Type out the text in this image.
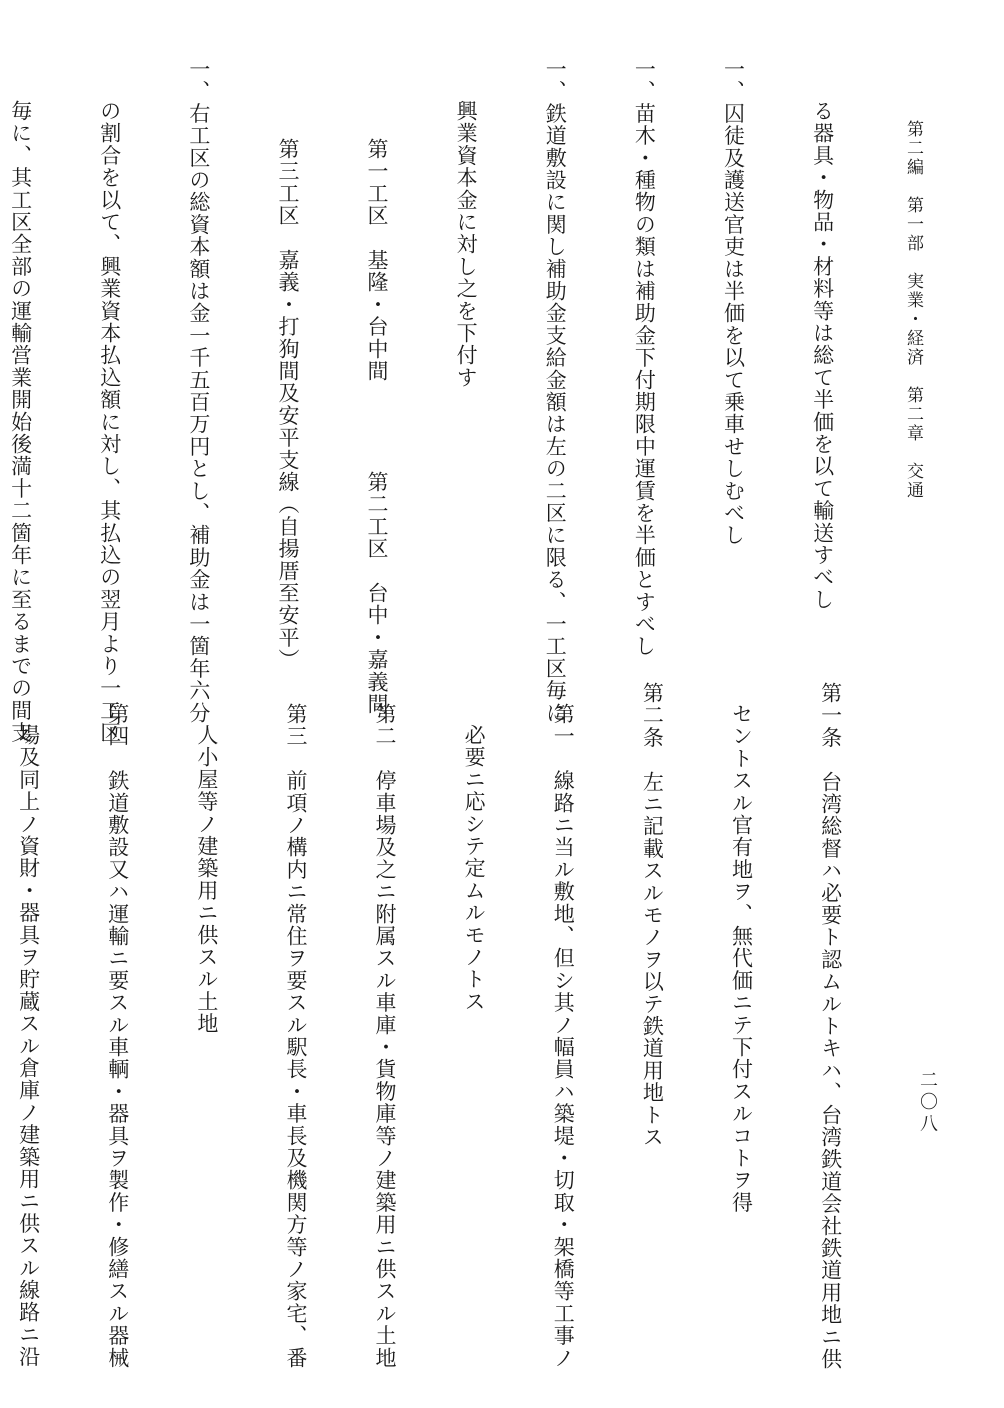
第二編　第一部　実業・経済　第二章　交通
二〇八

る器具・物品・材料等は総て半価を以て輸送すべし

一、囚徒及護送官吏は半価を以て乗車せしむべし

一、苗木・種物の類は補助金下付期限中運賃を半価とすべし

一、鉄道敷設に関し補助金支給金額は左の二区に限る、一工区毎に

興業資本金に対し之を下付す

第一工区　基隆・台中間　　　　第二工区　台中・嘉義間

第三工区　嘉義・打狗間及安平支線（自揚厝至安平）

一、右工区の総資本額は金一千五百万円とし、補助金は一箇年六分

の割合を以て、興業資本払込額に対し、其払込の翌月より一工区

毎に、其工区全部の運輸営業開始後満十二箇年に至るまでの間支

第一条　台湾総督ハ必要ト認ムルトキハ、台湾鉄道会社鉄道用地ニ供

セントスル官有地ヲ、無代価ニテ下付スルコトヲ得

第二条　左ニ記載スルモノヲ以テ鉄道用地トス

第一　線路ニ当ル敷地、但シ其ノ幅員ハ築堤・切取・架橋等工事ノ

必要ニ応シテ定ムルモノトス

第二　停車場及之ニ附属スル車庫・貨物庫等ノ建築用ニ供スル土地

第三　前項ノ構内ニ常住ヲ要スル駅長・車長及機関方等ノ家宅、番

人小屋等ノ建築用ニ供スル土地

第四　鉄道敷設又ハ運輸ニ要スル車輌・器具ヲ製作・修繕スル器械

場及同上ノ資財・器具ヲ貯蔵スル倉庫ノ建築用ニ供スル線路ニ沿
